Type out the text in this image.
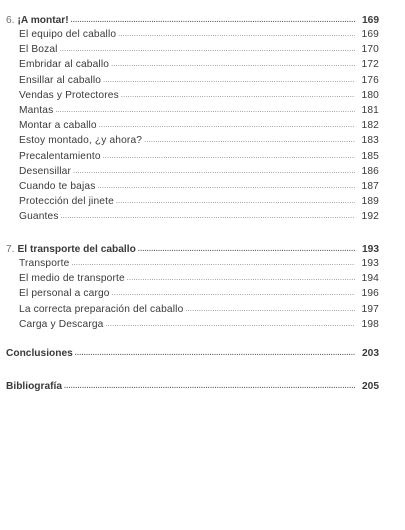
6. ¡A montar! .....	169
El equipo del caballo .....	169
El Bozal .....	170
Embridar al caballo .....	172
Ensillar al caballo .....	176
Vendas y Protectores .....	180
Mantas .....	181
Montar a caballo .....	182
Estoy montado, ¿y ahora? .....	183
Precalentamiento .....	185
Desensillar .....	186
Cuando te bajas .....	187
Protección del jinete .....	189
Guantes .....	192
7. El transporte del caballo .....	193
Transporte .....	193
El medio de transporte .....	194
El personal a cargo .....	196
La correcta preparación del caballo .....	197
Carga y Descarga .....	198
Conclusiones .....	203
Bibliografía .....	205
